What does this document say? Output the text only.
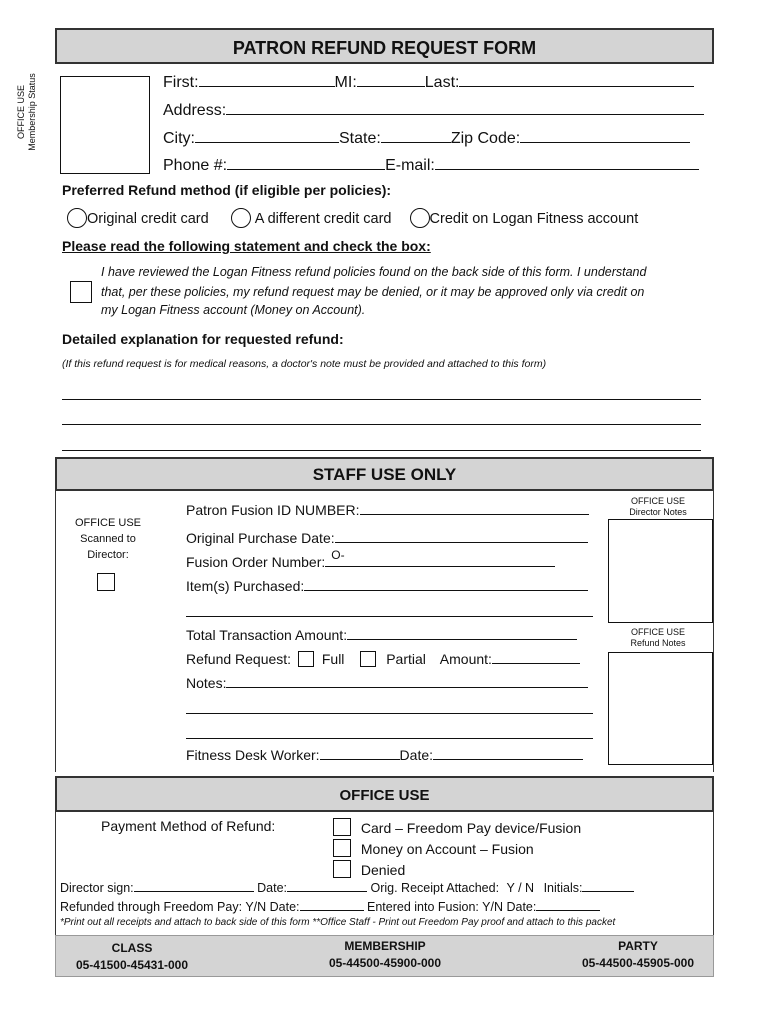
PATRON REFUND REQUEST FORM
OFFICE USE Membership Status	First:	MI:	Last:
Address:
City:	State:	Zip Code:
Phone #:	E-mail:
Preferred Refund method (if eligible per policies):
Original credit card	A different credit card	Credit on Logan Fitness account
Please read the following statement and check the box:
I have reviewed the Logan Fitness refund policies found on the back side of this form. I understand
that, per these policies, my refund request may be denied, or it may be approved only via credit on
my Logan Fitness account (Money on Account).
Detailed explanation for requested refund:
(If this refund request is for medical reasons, a doctor's note must be provided and attached to this form)
STAFF USE ONLY
OFFICE USE
Scanned to
Director:
Patron Fusion ID NUMBER:
Original Purchase Date:
Fusion Order Number: O-
Item(s) Purchased:
Total Transaction Amount:
Refund Request: Full	Partial Amount:
Notes:
Fitness Desk Worker:	Date:
OFFICE USE
Director Notes
OFFICE USE
Refund Notes
OFFICE USE
Payment Method of Refund:	Card – Freedom Pay device/Fusion
Money on Account – Fusion
Denied
Director sign:	Date:	Orig. Receipt Attached: Y / N Initials:
Refunded through Freedom Pay: Y/N Date:	Entered into Fusion: Y/N Date:
*Print out all receipts and attach to back side of this form **Office Staff - Print out Freedom Pay proof and attach to this packet
CLASS
05-41500-45431-000
MEMBERSHIP
05-44500-45900-000
PARTY
05-44500-45905-000
